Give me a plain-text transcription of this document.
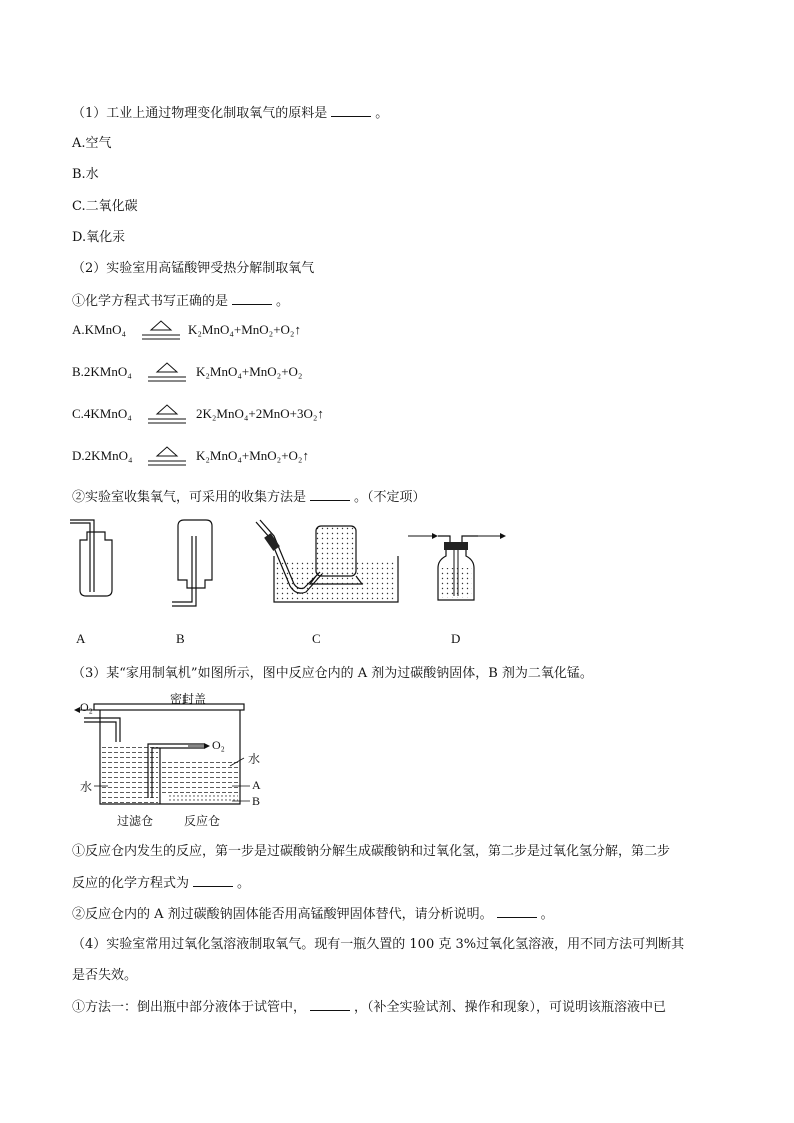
（1）工业上通过物理变化制取氧气的原料是	。
A.空气
B.水
C.二氧化碳
D.氧化汞
（2）实验室用高锰酸钾受热分解制取氧气
①化学方程式书写正确的是	。
A.KMnO₄	K₂MnO₄+MnO₂+O₂↑
B.2KMnO₄	K₂MnO₄+MnO₂+O₂
C.4KMnO₄	2K₂MnO₄+2MnO+3O₂↑
D.2KMnO₄	K₂MnO₄+MnO₂+O₂↑
②实验室收集氧气，可采用的收集方法是	。（不定项）
A	B	C	D
（3）某“家用制氧机”如图所示，图中反应仓内的 A 剂为过碳酸钠固体，B 剂为二氧化锰。
密封盖
O₂
O₂
水
水	A
B
过滤仓	反应仓
①反应仓内发生的反应，第一步是过碳酸钠分解生成碳酸钠和过氧化氢，第二步是过氧化氢分解，第二步
反应的化学方程式为	。
②反应仓内的 A 剂过碳酸钠固体能否用高锰酸钾固体替代，请分析说明。	。
（4）实验室常用过氧化氢溶液制取氧气。现有一瓶久置的 100 克 3%过氧化氢溶液，用不同方法可判断其
是否失效。
①方法一：倒出瓶中部分液体于试管中，	，（补全实验试剂、操作和现象），可说明该瓶溶液中已
